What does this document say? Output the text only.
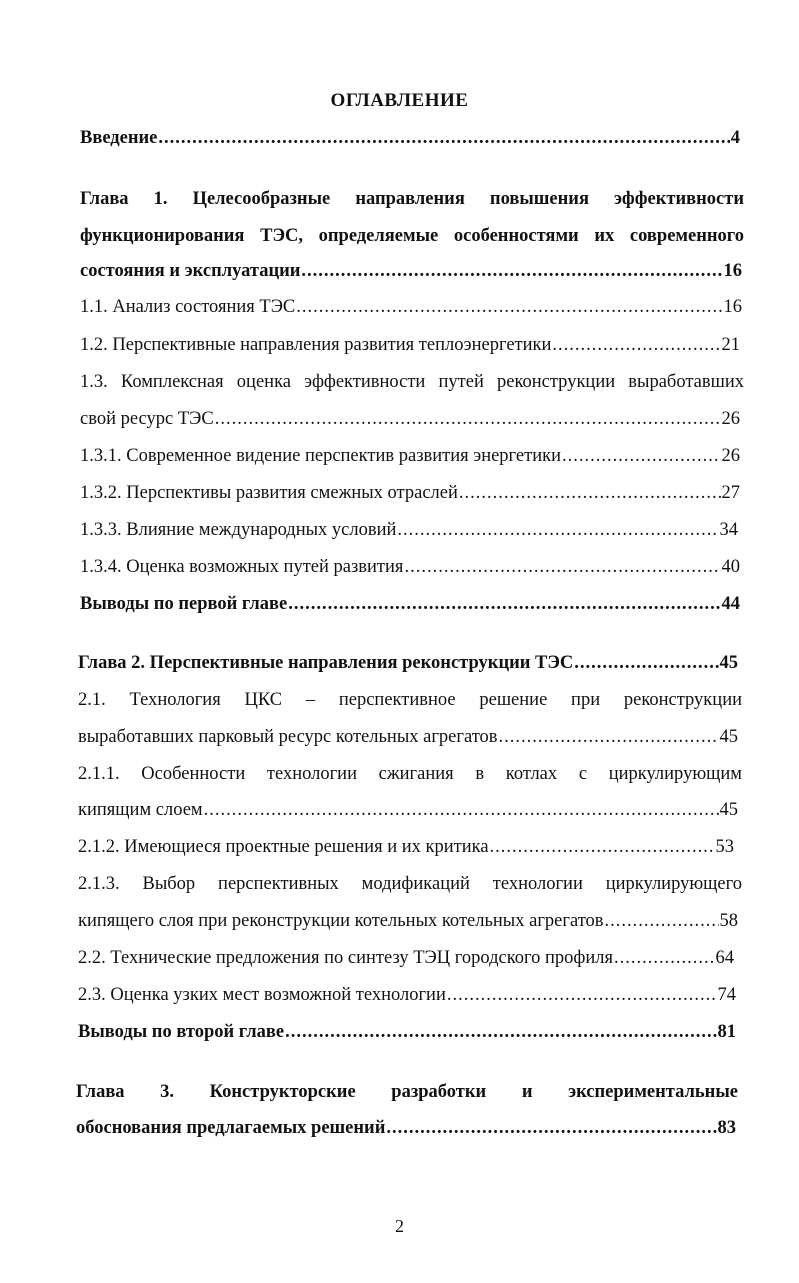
ОГЛАВЛЕНИЕ
Введение .....	4
Глава 1. Целесообразные направления повышения эффективности
функционирования ТЭС, определяемые особенностями их современного
состояния и эксплуатации .....	16
1.1. Анализ состояния ТЭС .....	16
1.2. Перспективные направления развития теплоэнергетики .....	21
1.3. Комплексная оценка эффективности путей реконструкции выработавших
свой ресурс ТЭС .....	26
1.3.1. Современное видение перспектив развития энергетики .....	26
1.3.2. Перспективы развития смежных отраслей .....	27
1.3.3. Влияние международных условий .....	34
1.3.4. Оценка возможных путей развития .....	40
Выводы по первой главе .....	44
Глава 2. Перспективные направления реконструкции ТЭС .....	45
2.1. Технология ЦКС – перспективное решение при реконструкции
выработавших парковый ресурс котельных агрегатов .....	45
2.1.1. Особенности технологии сжигания в котлах с циркулирующим
кипящим слоем .....	45
2.1.2. Имеющиеся проектные решения и их критика .....	53
2.1.3. Выбор перспективных модификаций технологии циркулирующего
кипящего слоя при реконструкции котельных котельных агрегатов .....	58
2.2. Технические предложения по синтезу ТЭЦ городского профиля .....	64
2.3. Оценка узких мест возможной технологии .....	74
Выводы по второй главе .....	81
Глава 3. Конструкторские разработки и экспериментальные
обоснования предлагаемых решений .....	83
2
